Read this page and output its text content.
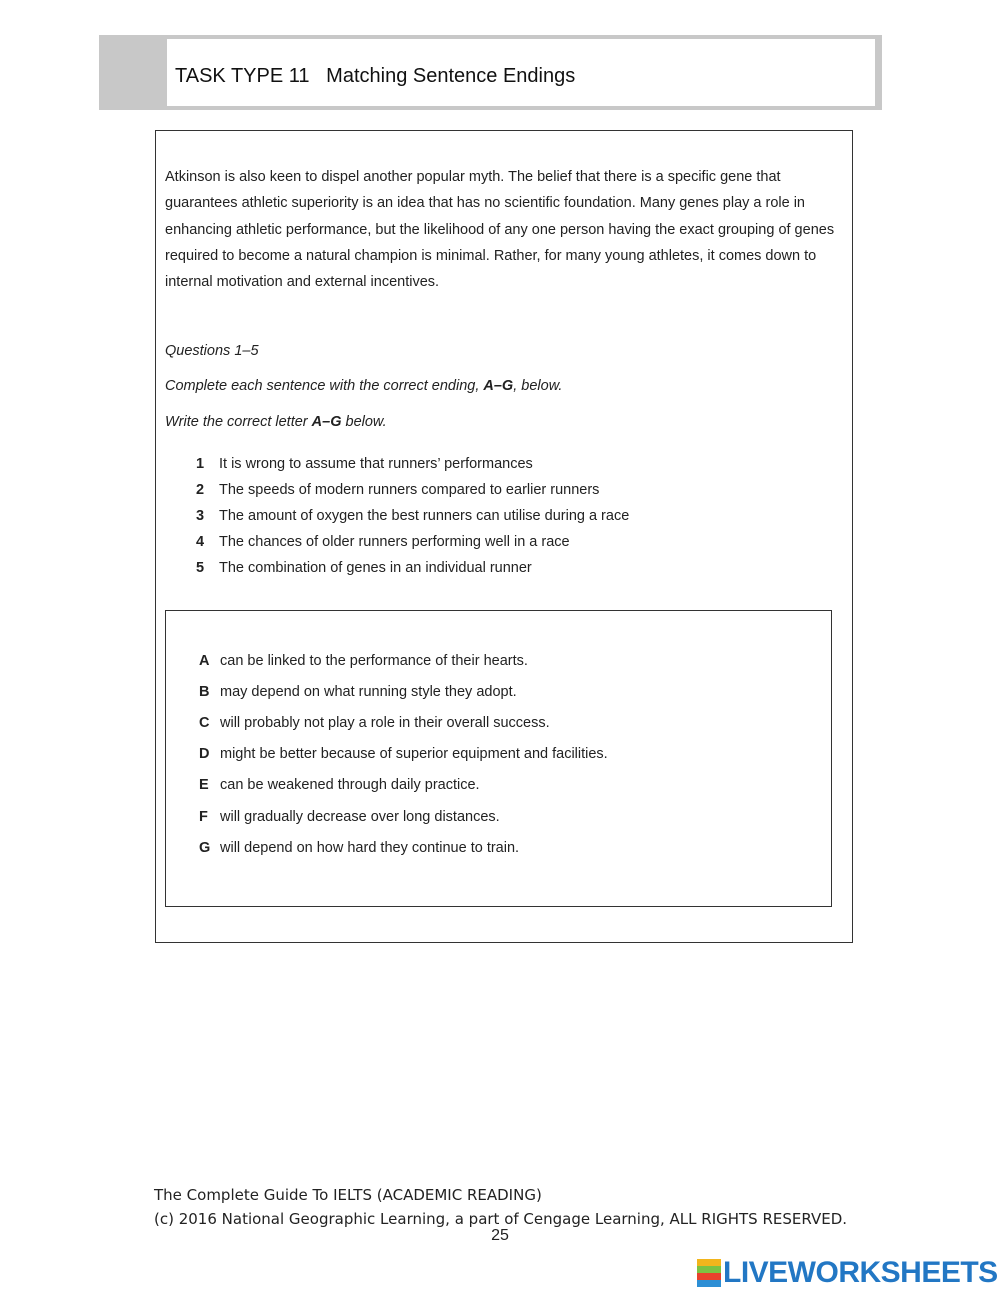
TASK TYPE 11   Matching Sentence Endings

Atkinson is also keen to dispel another popular myth. The belief that there is a specific gene that guarantees athletic superiority is an idea that has no scientific foundation. Many genes play a role in enhancing athletic performance, but the likelihood of any one person having the exact grouping of genes required to become a natural champion is minimal. Rather, for many young athletes, it comes down to internal motivation and external incentives.

Questions 1–5
Complete each sentence with the correct ending, A–G, below.
Write the correct letter A–G below.
1	It is wrong to assume that runners’ performances
2	The speeds of modern runners compared to earlier runners
3	The amount of oxygen the best runners can utilise during a race
4	The chances of older runners performing well in a race
5	The combination of genes in an individual runner
A can be linked to the performance of their hearts.
B may depend on what running style they adopt.
C will probably not play a role in their overall success.
D might be better because of superior equipment and facilities.
E can be weakened through daily practice.
F will gradually decrease over long distances.
G will depend on how hard they continue to train.
The Complete Guide To IELTS (ACADEMIC READING)
(c) 2016 National Geographic Learning, a part of Cengage Learning, ALL RIGHTS RESERVED.
25
LIVEWORKSHEETS
